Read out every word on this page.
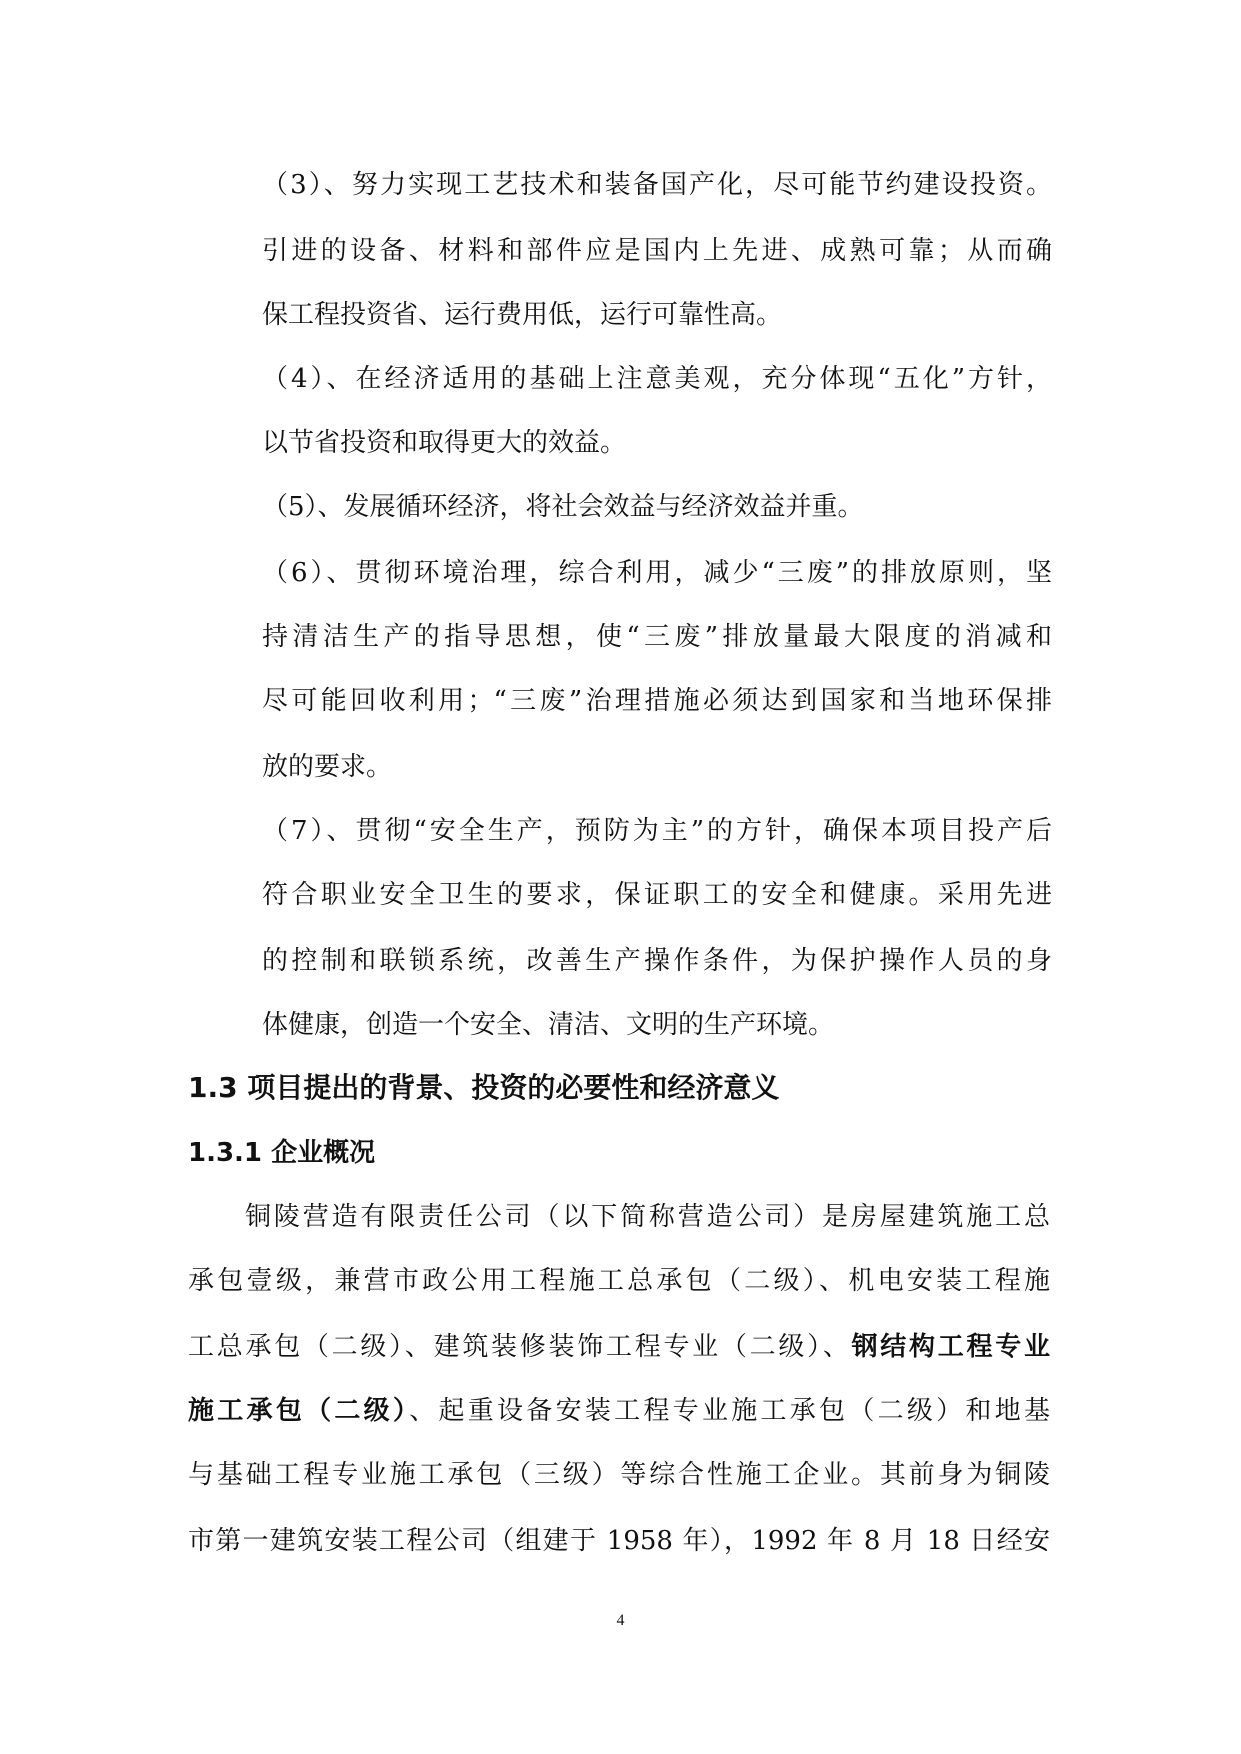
（3）、努力实现工艺技术和装备国产化，尽可能节约建设投资。
引进的设备、材料和部件应是国内上先进、成熟可靠；从而确
保工程投资省、运行费用低，运行可靠性高。
（4）、在经济适用的基础上注意美观，充分体现“五化”方针，
以节省投资和取得更大的效益。
（5）、发展循环经济，将社会效益与经济效益并重。
（6）、贯彻环境治理，综合利用，减少“三废”的排放原则，坚
持清洁生产的指导思想，使“三废”排放量最大限度的消减和
尽可能回收利用；“三废”治理措施必须达到国家和当地环保排
放的要求。
（7）、贯彻“安全生产，预防为主”的方针，确保本项目投产后
符合职业安全卫生的要求，保证职工的安全和健康。采用先进
的控制和联锁系统，改善生产操作条件，为保护操作人员的身
体健康，创造一个安全、清洁、文明的生产环境。
1.3 项目提出的背景、投资的必要性和经济意义
1.3.1 企业概况
铜陵营造有限责任公司（以下简称营造公司）是房屋建筑施工总
承包壹级，兼营市政公用工程施工总承包（二级）、机电安装工程施
工总承包（二级）、建筑装修装饰工程专业（二级）、钢结构工程专业
施工承包（二级）、起重设备安装工程专业施工承包（二级）和地基
与基础工程专业施工承包（三级）等综合性施工企业。其前身为铜陵
市第一建筑安装工程公司（组建于 1958 年），1992 年 8 月 18 日经安
4
